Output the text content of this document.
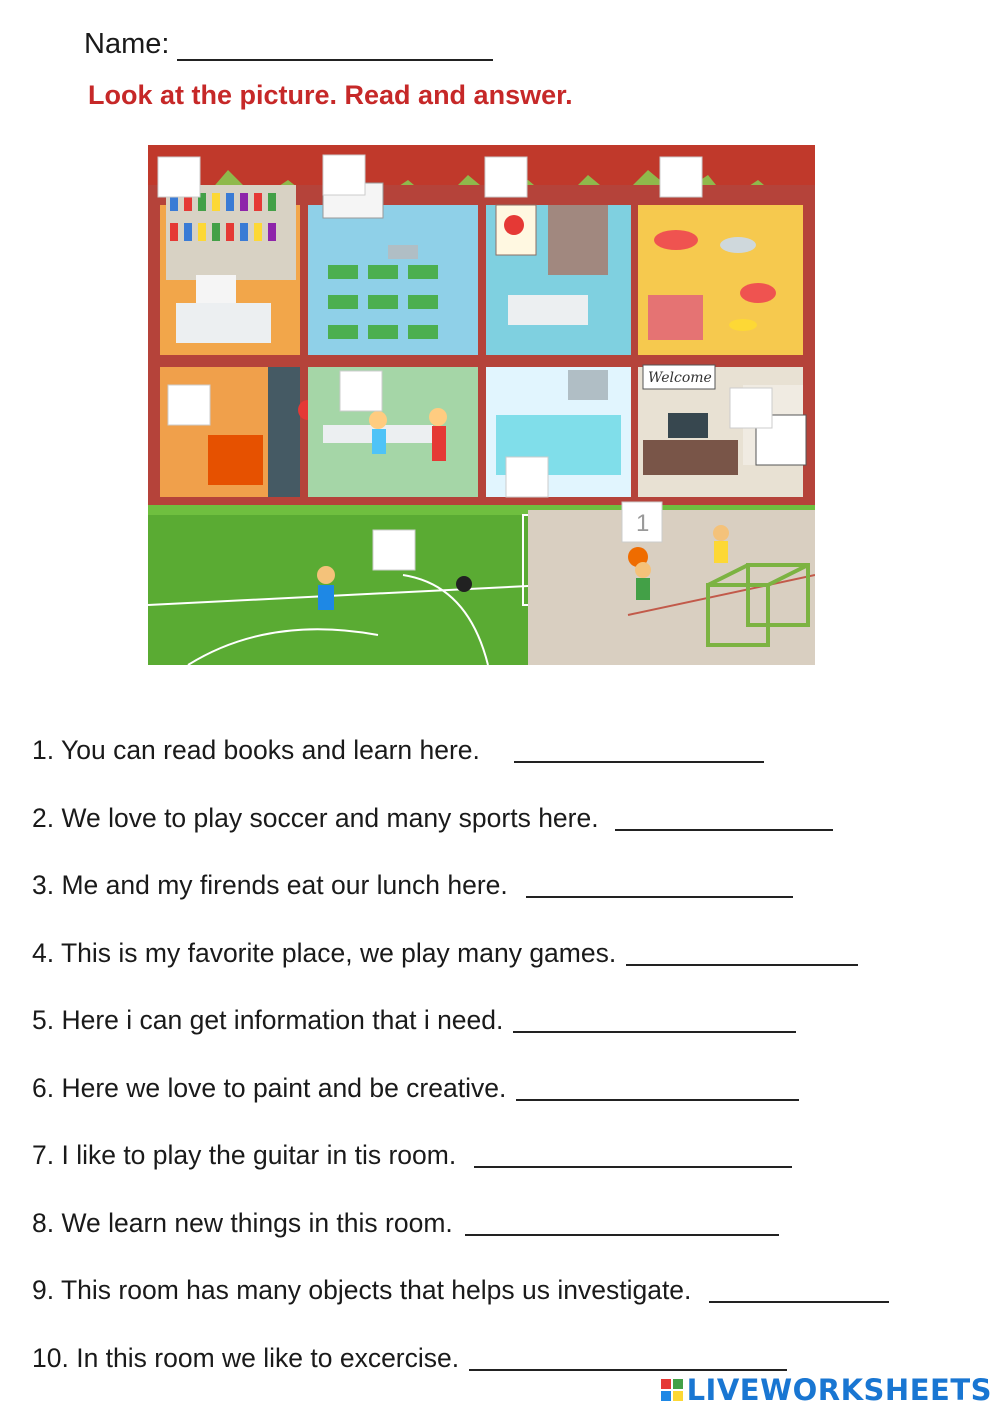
Name:
Look at the picture. Read and answer.
Welcome
1
1. You can read books and learn here.
2. We love to play soccer and many sports here.
3. Me and my firends eat our lunch here.
4. This is my favorite place, we play many games.
5. Here i can get information that i need.
6. Here we love to paint and be creative.
7. I like to play the guitar in tis room.
8. We learn new things in this room.
9. This room has many objects that helps us investigate.
10. In this room we like to excercise.
LIVEWORKSHEETS
